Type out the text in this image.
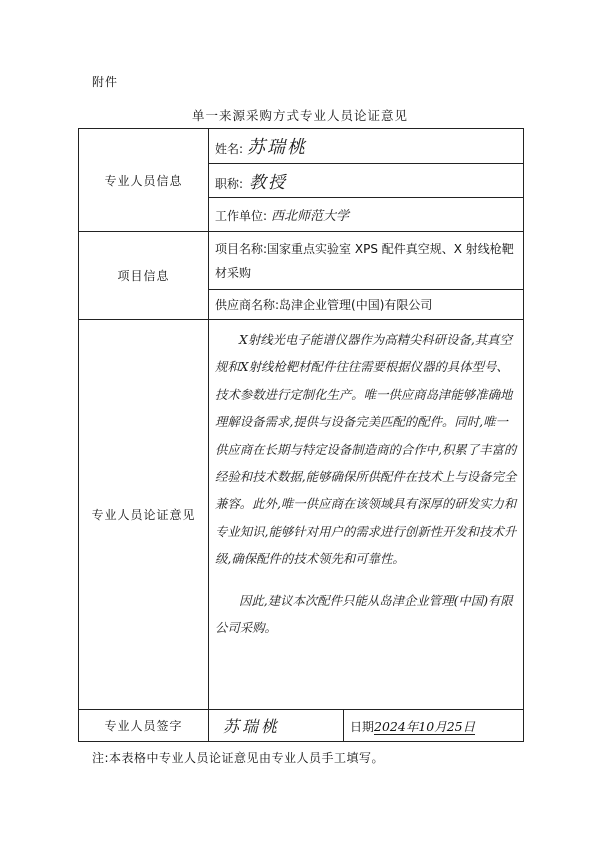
附件
单一来源采购方式专业人员论证意见
专业人员信息	姓名: 苏瑞桃	
	职称: 教授	
	工作单位: 西北师范大学	
项目信息	项目名称:国家重点实验室 XPS 配件真空规、X 射线枪靶材采购	
	供应商名称:岛津企业管理(中国)有限公司	
专业人员论证意见	X射线光电子能谱仪器作为高精尖科研设备,其真空规和X射线枪靶材配件往往需要根据仪器的具体型号、技术参数进行定制化生产。唯一供应商岛津能够准确地理解设备需求,提供与设备完美匹配的配件。同时,唯一供应商在长期与特定设备制造商的合作中,积累了丰富的经验和技术数据,能够确保所供配件在技术上与设备完全兼容。此外,唯一供应商在该领域具有深厚的研发实力和专业知识,能够针对用户的需求进行创新性开发和技术升级,确保配件的技术领先和可靠性。

因此,建议本次配件只能从岛津企业管理(中国)有限公司采购。	

专业人员签字	苏瑞桃	日期2024年10月25日
注:本表格中专业人员论证意见由专业人员手工填写。
